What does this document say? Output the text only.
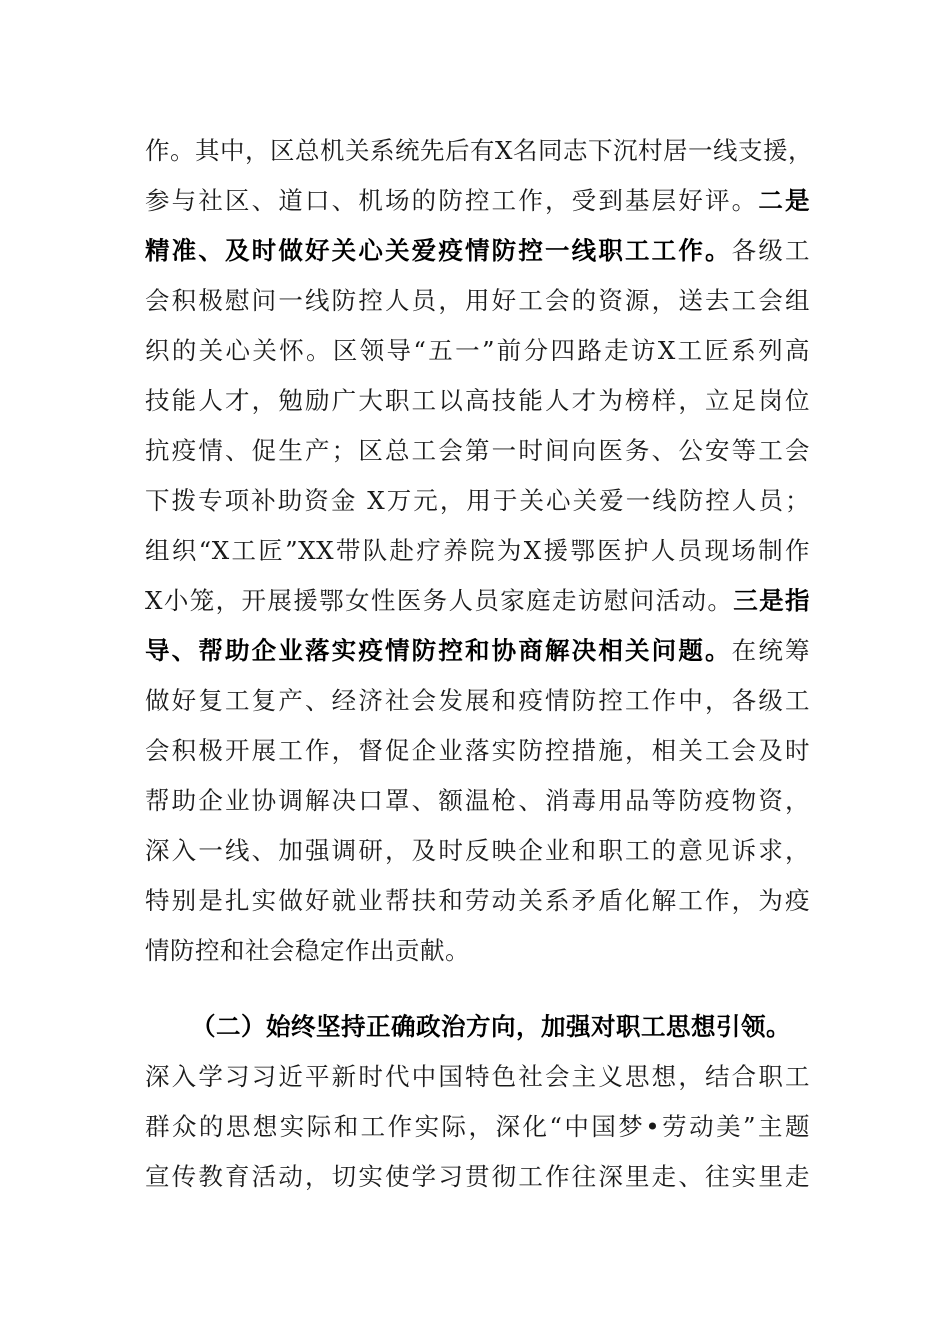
作。其中，区总机关系统先后有X名同志下沉村居一线支援，
参与社区、道口、机场的防控工作，受到基层好评。二是
精准、及时做好关心关爱疫情防控一线职工工作。各级工
会积极慰问一线防控人员，用好工会的资源，送去工会组
织的关心关怀。区领导“五一”前分四路走访X工匠系列高
技能人才，勉励广大职工以高技能人才为榜样，立足岗位
抗疫情、促生产；区总工会第一时间向医务、公安等工会
下拨专项补助资金 X万元，用于关心关爱一线防控人员；
组织“X工匠”XX带队赴疗养院为X援鄂医护人员现场制作
X小笼，开展援鄂女性医务人员家庭走访慰问活动。三是指
导、帮助企业落实疫情防控和协商解决相关问题。在统筹
做好复工复产、经济社会发展和疫情防控工作中，各级工
会积极开展工作，督促企业落实防控措施，相关工会及时
帮助企业协调解决口罩、额温枪、消毒用品等防疫物资，
深入一线、加强调研，及时反映企业和职工的意见诉求，
特别是扎实做好就业帮扶和劳动关系矛盾化解工作，为疫
情防控和社会稳定作出贡献。
（二）始终坚持正确政治方向，加强对职工思想引领。
深入学习习近平新时代中国特色社会主义思想，结合职工
群众的思想实际和工作实际，深化“中国梦•劳动美”主题
宣传教育活动，切实使学习贯彻工作往深里走、往实里走
